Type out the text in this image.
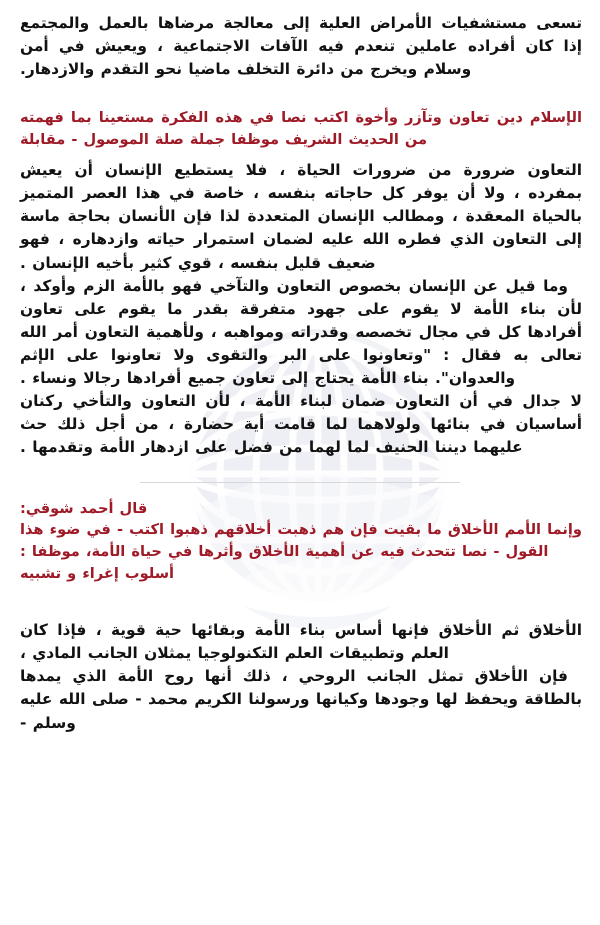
تسعى مستشفيات الأمراض العلية إلى معالجة مرضاها بالعمل والمجتمع إذا كان أفراده عاملين تنعدم فيه الآفات الاجتماعية ، ويعيش في أمن وسلام ويخرج من دائرة التخلف ماضيا نحو التقدم والازدهار.

الإسلام دين تعاون وتآزر وأخوة اكتب نصا في هذه الفكرة مستعينا بما فهمته من الحديث الشريف موظفا جملة صلة الموصول - مقابلة

التعاون ضرورة من ضرورات الحياة ، فلا يستطيع الإنسان أن يعيش بمفرده ، ولا أن يوفر كل حاجاته بنفسه ، خاصة في هذا العصر المتميز بالحياة المعقدة ، ومطالب الإنسان المتعددة لذا فإن الأنسان بحاجة ماسة إلى التعاون الذي فطره الله عليه لضمان استمرار حياته وازدهاره ، فهو ضعيف قليل بنفسه ، قوي كثير بأخيه الإنسان .

وما قيل عن الإنسان بخصوص التعاون والتآخي فهو بالأمة الزم وأوكد ، لأن بناء الأمة لا يقوم على جهود متفرقة بقدر ما يقوم على تعاون أفرادها كل في مجال تخصصه وقدراته ومواهبه ، ولأهمية التعاون أمر الله تعالى به فقال : "وتعاونوا على البر والتقوى ولا تعاونوا على الإثم والعدوان". بناء الأمة يحتاج إلى تعاون جميع أفرادها رجالا ونساء .

لا جدال في أن التعاون ضمان لبناء الأمة ، لأن التعاون والتأخي ركنان أساسيان في بنائها ولولاهما لما قامت أية حضارة ، من أجل ذلك حث عليهما ديننا الحنيف لما لهما من فضل على ازدهار الأمة وتقدمها .

قال أحمد شوقي:

وإنما الأمم الأخلاق ما بقيت فإن هم ذهبت أخلاقهم ذهبوا اكتب - في ضوء هذا القول - نصا تتحدث فيه عن أهمية الأخلاق وأثرها في حياة الأمة، موظفا :

أسلوب إغراء و تشبيه

الأخلاق ثم الأخلاق فإنها أساس بناء الأمة وبقائها حية قوية ، فإذا كان العلم وتطبيقات العلم التكنولوجيا يمثلان الجانب المادي ،

فإن الأخلاق تمثل الجانب الروحي ، ذلك أنها روح الأمة الذي يمدها بالطاقة ويحفظ لها وجودها وكيانها ورسولنا الكريم محمد - صلى الله عليه وسلم -
